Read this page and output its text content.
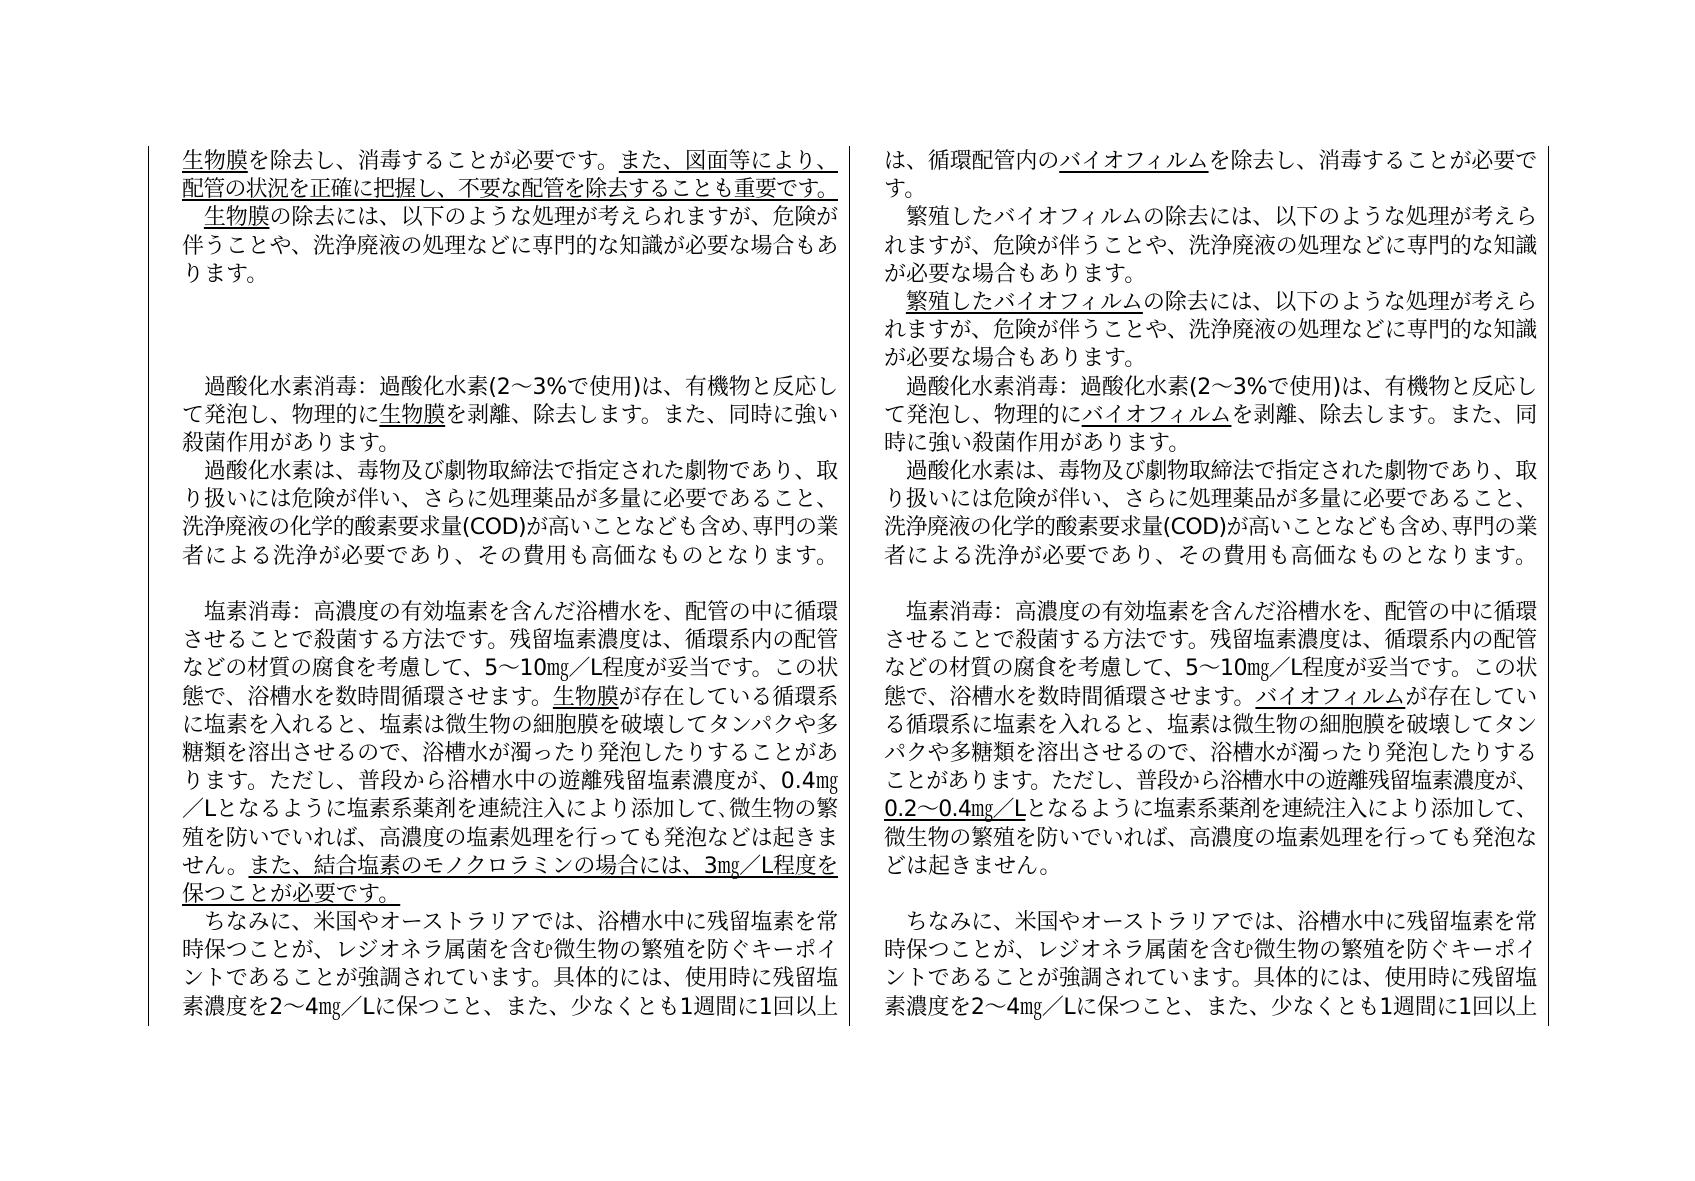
生物膜を除去し、消毒することが必要です。また、図面等により、
配管の状況を正確に把握し、不要な配管を除去することも重要です。
　生物膜の除去には、以下のような処理が考えられますが、危険が
伴うことや、洗浄廃液の処理などに専門的な知識が必要な場合もあ
ります。
　過酸化水素消毒：過酸化水素(2～3%で使用)は、有機物と反応し
て発泡し、物理的に生物膜を剥離、除去します。また、同時に強い
殺菌作用があります。
　過酸化水素は、毒物及び劇物取締法で指定された劇物であり、取
り扱いには危険が伴い、さらに処理薬品が多量に必要であること、
洗浄廃液の化学的酸素要求量(COD)が高いことなども含め､専門の業
者による洗浄が必要であり、その費用も高価なものとなります。
　塩素消毒：高濃度の有効塩素を含んだ浴槽水を、配管の中に循環
させることで殺菌する方法です。残留塩素濃度は、循環系内の配管
などの材質の腐食を考慮して、5～10㎎／L程度が妥当です。この状
態で、浴槽水を数時間循環させます。生物膜が存在している循環系
に塩素を入れると、塩素は微生物の細胞膜を破壊してタンパクや多
糖類を溶出させるので、浴槽水が濁ったり発泡したりすることがあ
ります。ただし、普段から浴槽水中の遊離残留塩素濃度が、0.4㎎
／Lとなるように塩素系薬剤を連続注入により添加して､微生物の繁
殖を防いでいれば、高濃度の塩素処理を行っても発泡などは起きま
せん。また、結合塩素のモノクロラミンの場合には、3㎎／L程度を
保つことが必要です。
　ちなみに、米国やオーストラリアでは、浴槽水中に残留塩素を常
時保つことが、レジオネラ属菌を含む微生物の繁殖を防ぐキーポイ
ントであることが強調されています。具体的には、使用時に残留塩
素濃度を2～4㎎／Lに保つこと、また、少なくとも1週間に1回以上
は、循環配管内のバイオフィルムを除去し、消毒することが必要で
す。
　繁殖したバイオフィルムの除去には、以下のような処理が考えら
れますが、危険が伴うことや、洗浄廃液の処理などに専門的な知識
が必要な場合もあります。
　繁殖したバイオフィルムの除去には、以下のような処理が考えら
れますが、危険が伴うことや、洗浄廃液の処理などに専門的な知識
が必要な場合もあります。
　過酸化水素消毒：過酸化水素(2～3%で使用)は、有機物と反応し
て発泡し、物理的にバイオフィルムを剥離、除去します。また、同
時に強い殺菌作用があります。
　過酸化水素は、毒物及び劇物取締法で指定された劇物であり、取
り扱いには危険が伴い、さらに処理薬品が多量に必要であること、
洗浄廃液の化学的酸素要求量(COD)が高いことなども含め､専門の業
者による洗浄が必要であり、その費用も高価なものとなります。
　塩素消毒：高濃度の有効塩素を含んだ浴槽水を、配管の中に循環
させることで殺菌する方法です。残留塩素濃度は、循環系内の配管
などの材質の腐食を考慮して、5～10㎎／L程度が妥当です。この状
態で、浴槽水を数時間循環させます。バイオフィルムが存在してい
る循環系に塩素を入れると、塩素は微生物の細胞膜を破壊してタン
パクや多糖類を溶出させるので、浴槽水が濁ったり発泡したりする
ことがあります。ただし、普段から浴槽水中の遊離残留塩素濃度が、
0.2～0.4㎎／Lとなるように塩素系薬剤を連続注入により添加して、
微生物の繁殖を防いでいれば、高濃度の塩素処理を行っても発泡な
どは起きません。
　ちなみに、米国やオーストラリアでは、浴槽水中に残留塩素を常
時保つことが、レジオネラ属菌を含む微生物の繁殖を防ぐキーポイ
ントであることが強調されています。具体的には、使用時に残留塩
素濃度を2～4㎎／Lに保つこと、また、少なくとも1週間に1回以上
